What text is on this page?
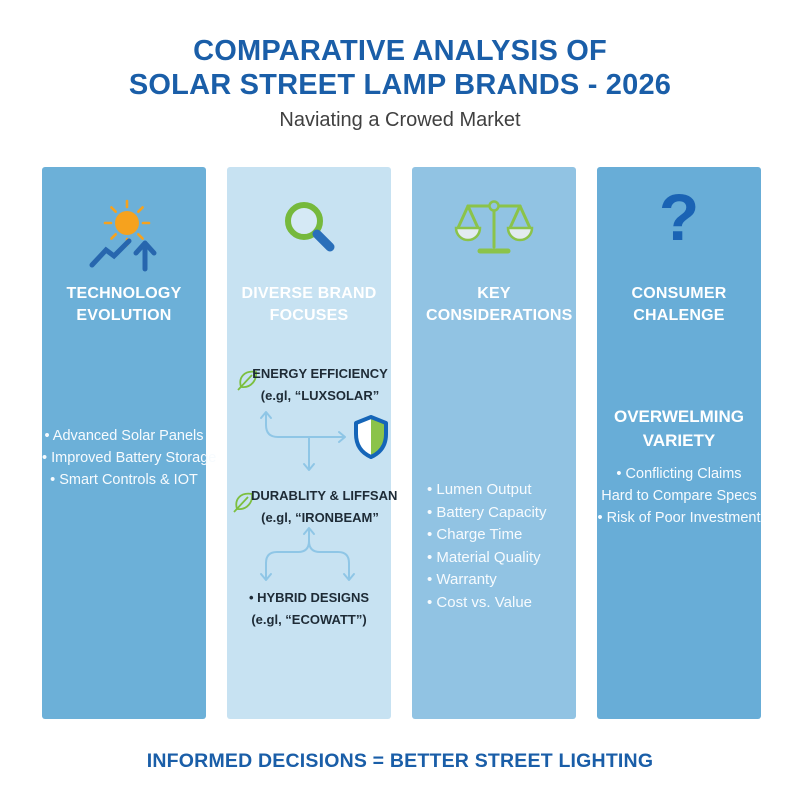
COMPARATIVE ANALYSIS OF
SOLAR STREET LAMP BRANDS - 2026
Naviating a Crowed Market
TECHNOLOGY EVOLUTION
• Advanced Solar Panels
• Improved Battery Storage
• Smart Controls & IOT
DIVERSE BRAND FOCUSES
ENERGY EFFICIENCY
(e.gl, “LUXSOLAR”
DURABLITY & LIFFSAN
(e.gl, “IRONBEAM”
• HYBRID DESIGNS
(e.gl, “ECOWATT”)
KEY CONSIDERATIONS
• Lumen Output
• Battery Capacity
• Charge Time
• Material Quality
• Warranty
• Cost vs. Value
?
CONSUMER CHALENGE
OVERWELMING VARIETY
• Conflicting Claims
Hard to Compare Specs
• Risk of Poor Investment
INFORMED DECISIONS = BETTER STREET LIGHTING
